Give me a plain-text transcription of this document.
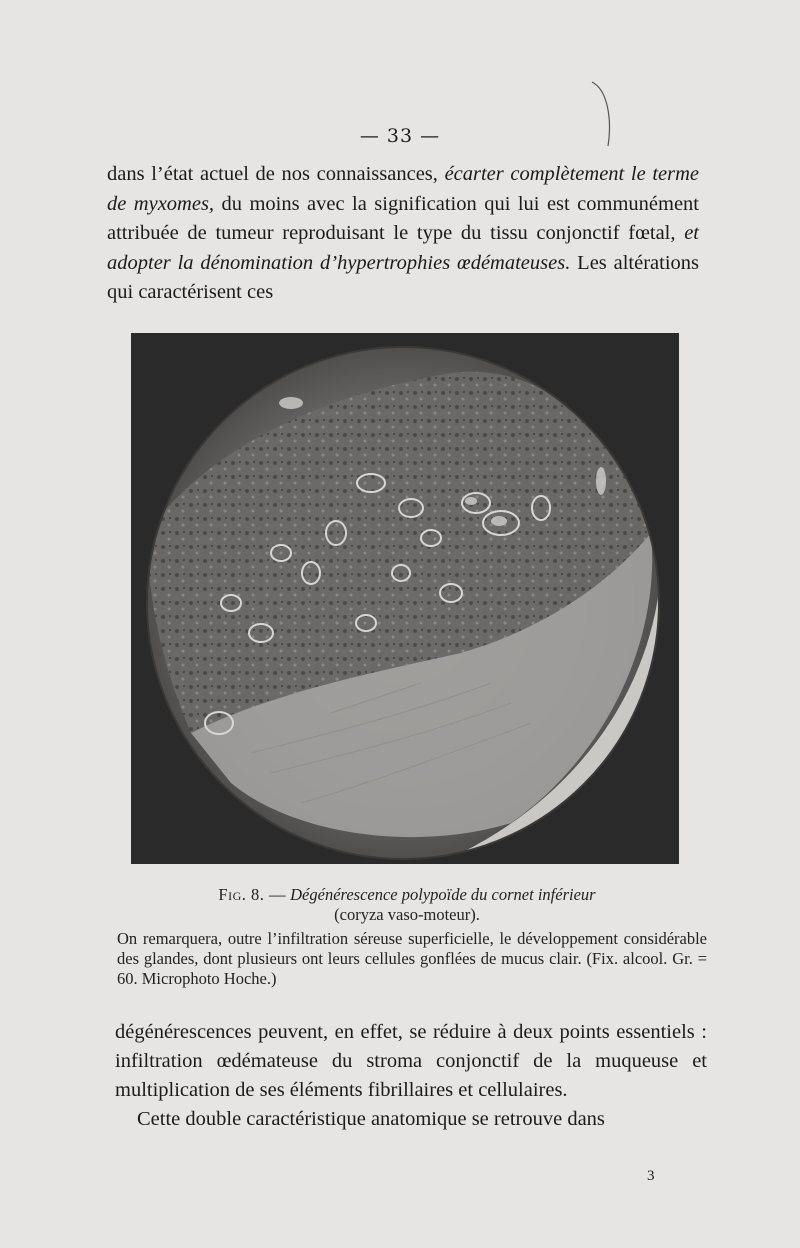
— 33 —

dans l’état actuel de nos connaissances, écarter complètement le terme de myxomes, du moins avec la signification qui lui est communément attribuée de tumeur reproduisant le type du tissu conjonctif fœtal, et adopter la dénomination d’hypertrophies œdémateuses. Les altérations qui caractérisent ces

Fig. 8. — Dégénérescence polypoïde du cornet inférieur
(coryza vaso-moteur).
On remarquera, outre l’infiltration séreuse superficielle, le développement considérable des glandes, dont plusieurs ont leurs cellules gonflées de mucus clair. (Fix. alcool. Gr. = 60. Microphoto Hoche.)
dégénérescences peuvent, en effet, se réduire à deux points essentiels : infiltration œdémateuse du stroma conjonctif de la muqueuse et multiplication de ses éléments fibrillaires et cellulaires.
Cette double caractéristique anatomique se retrouve dans
3
